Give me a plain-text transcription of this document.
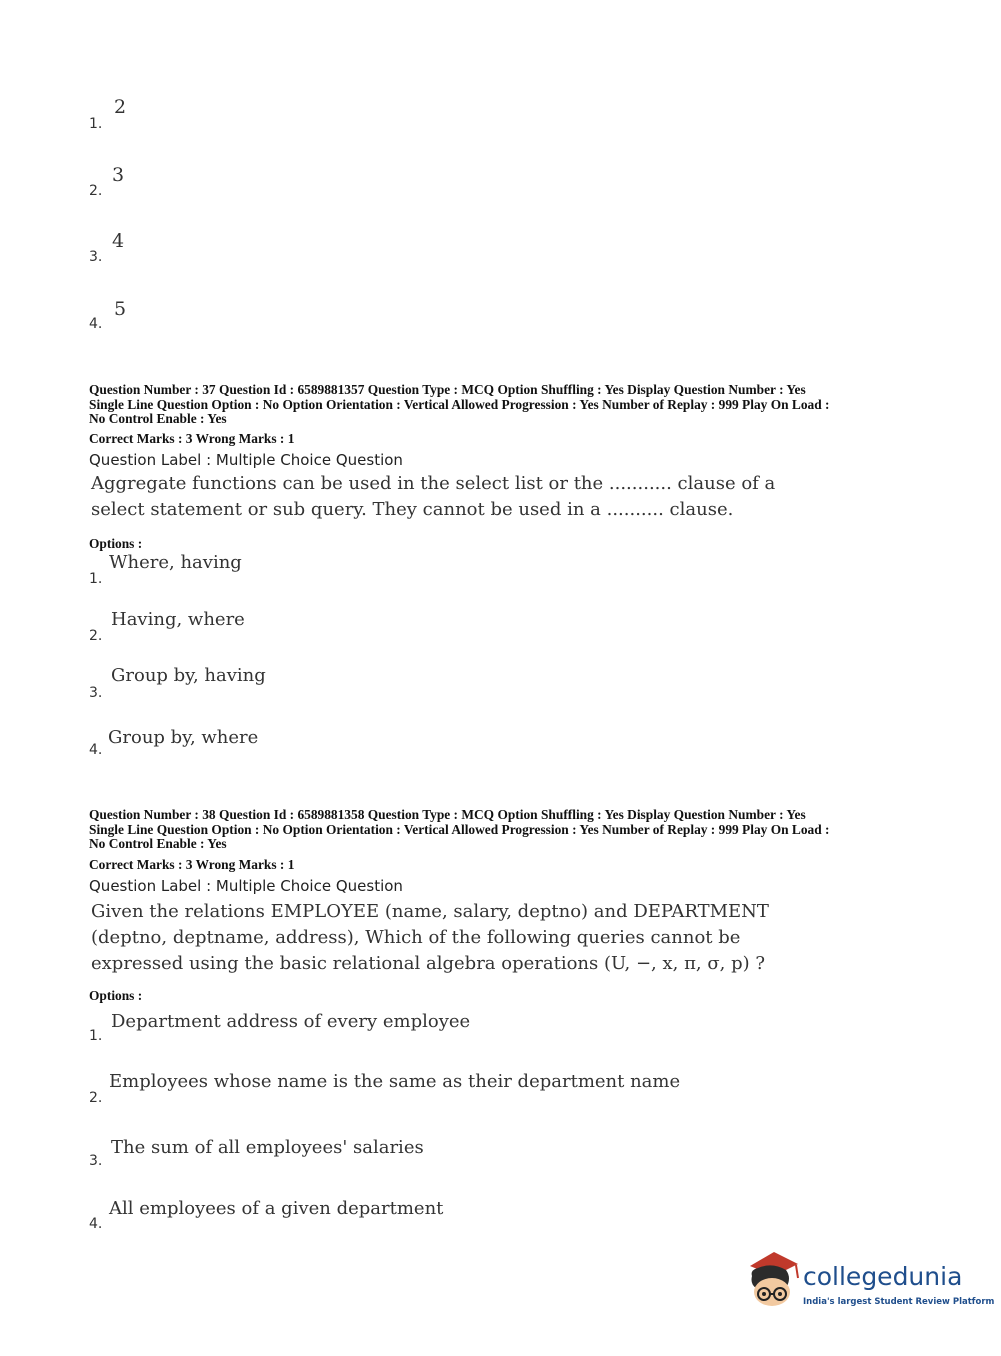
1.
2
2.
3
3.
4
4.
5
Question Number : 37 Question Id : 6589881357 Question Type : MCQ Option Shuffling : Yes Display Question Number : Yes
Single Line Question Option : No Option Orientation : Vertical Allowed Progression : Yes Number of Replay : 999 Play On Load :
No Control Enable : Yes
Correct Marks : 3 Wrong Marks : 1
Question Label : Multiple Choice Question
Aggregate functions can be used in the select list or the ........... clause of a
select statement or sub query. They cannot be used in a .......... clause.
Options :
1.
Where, having
2.
Having, where
3.
Group by, having
4.
Group by, where
Question Number : 38 Question Id : 6589881358 Question Type : MCQ Option Shuffling : Yes Display Question Number : Yes
Single Line Question Option : No Option Orientation : Vertical Allowed Progression : Yes Number of Replay : 999 Play On Load :
No Control Enable : Yes
Correct Marks : 3 Wrong Marks : 1
Question Label : Multiple Choice Question
Given the relations EMPLOYEE (name, salary, deptno) and DEPARTMENT
(deptno, deptname, address), Which of the following queries cannot be
expressed using the basic relational algebra operations (U, −, x, π, σ, p) ?
Options :
1.
Department address of every employee
2.
Employees whose name is the same as their department name
3.
The sum of all employees' salaries
4.
All employees of a given department
collegedunia
India's largest Student Review Platform
